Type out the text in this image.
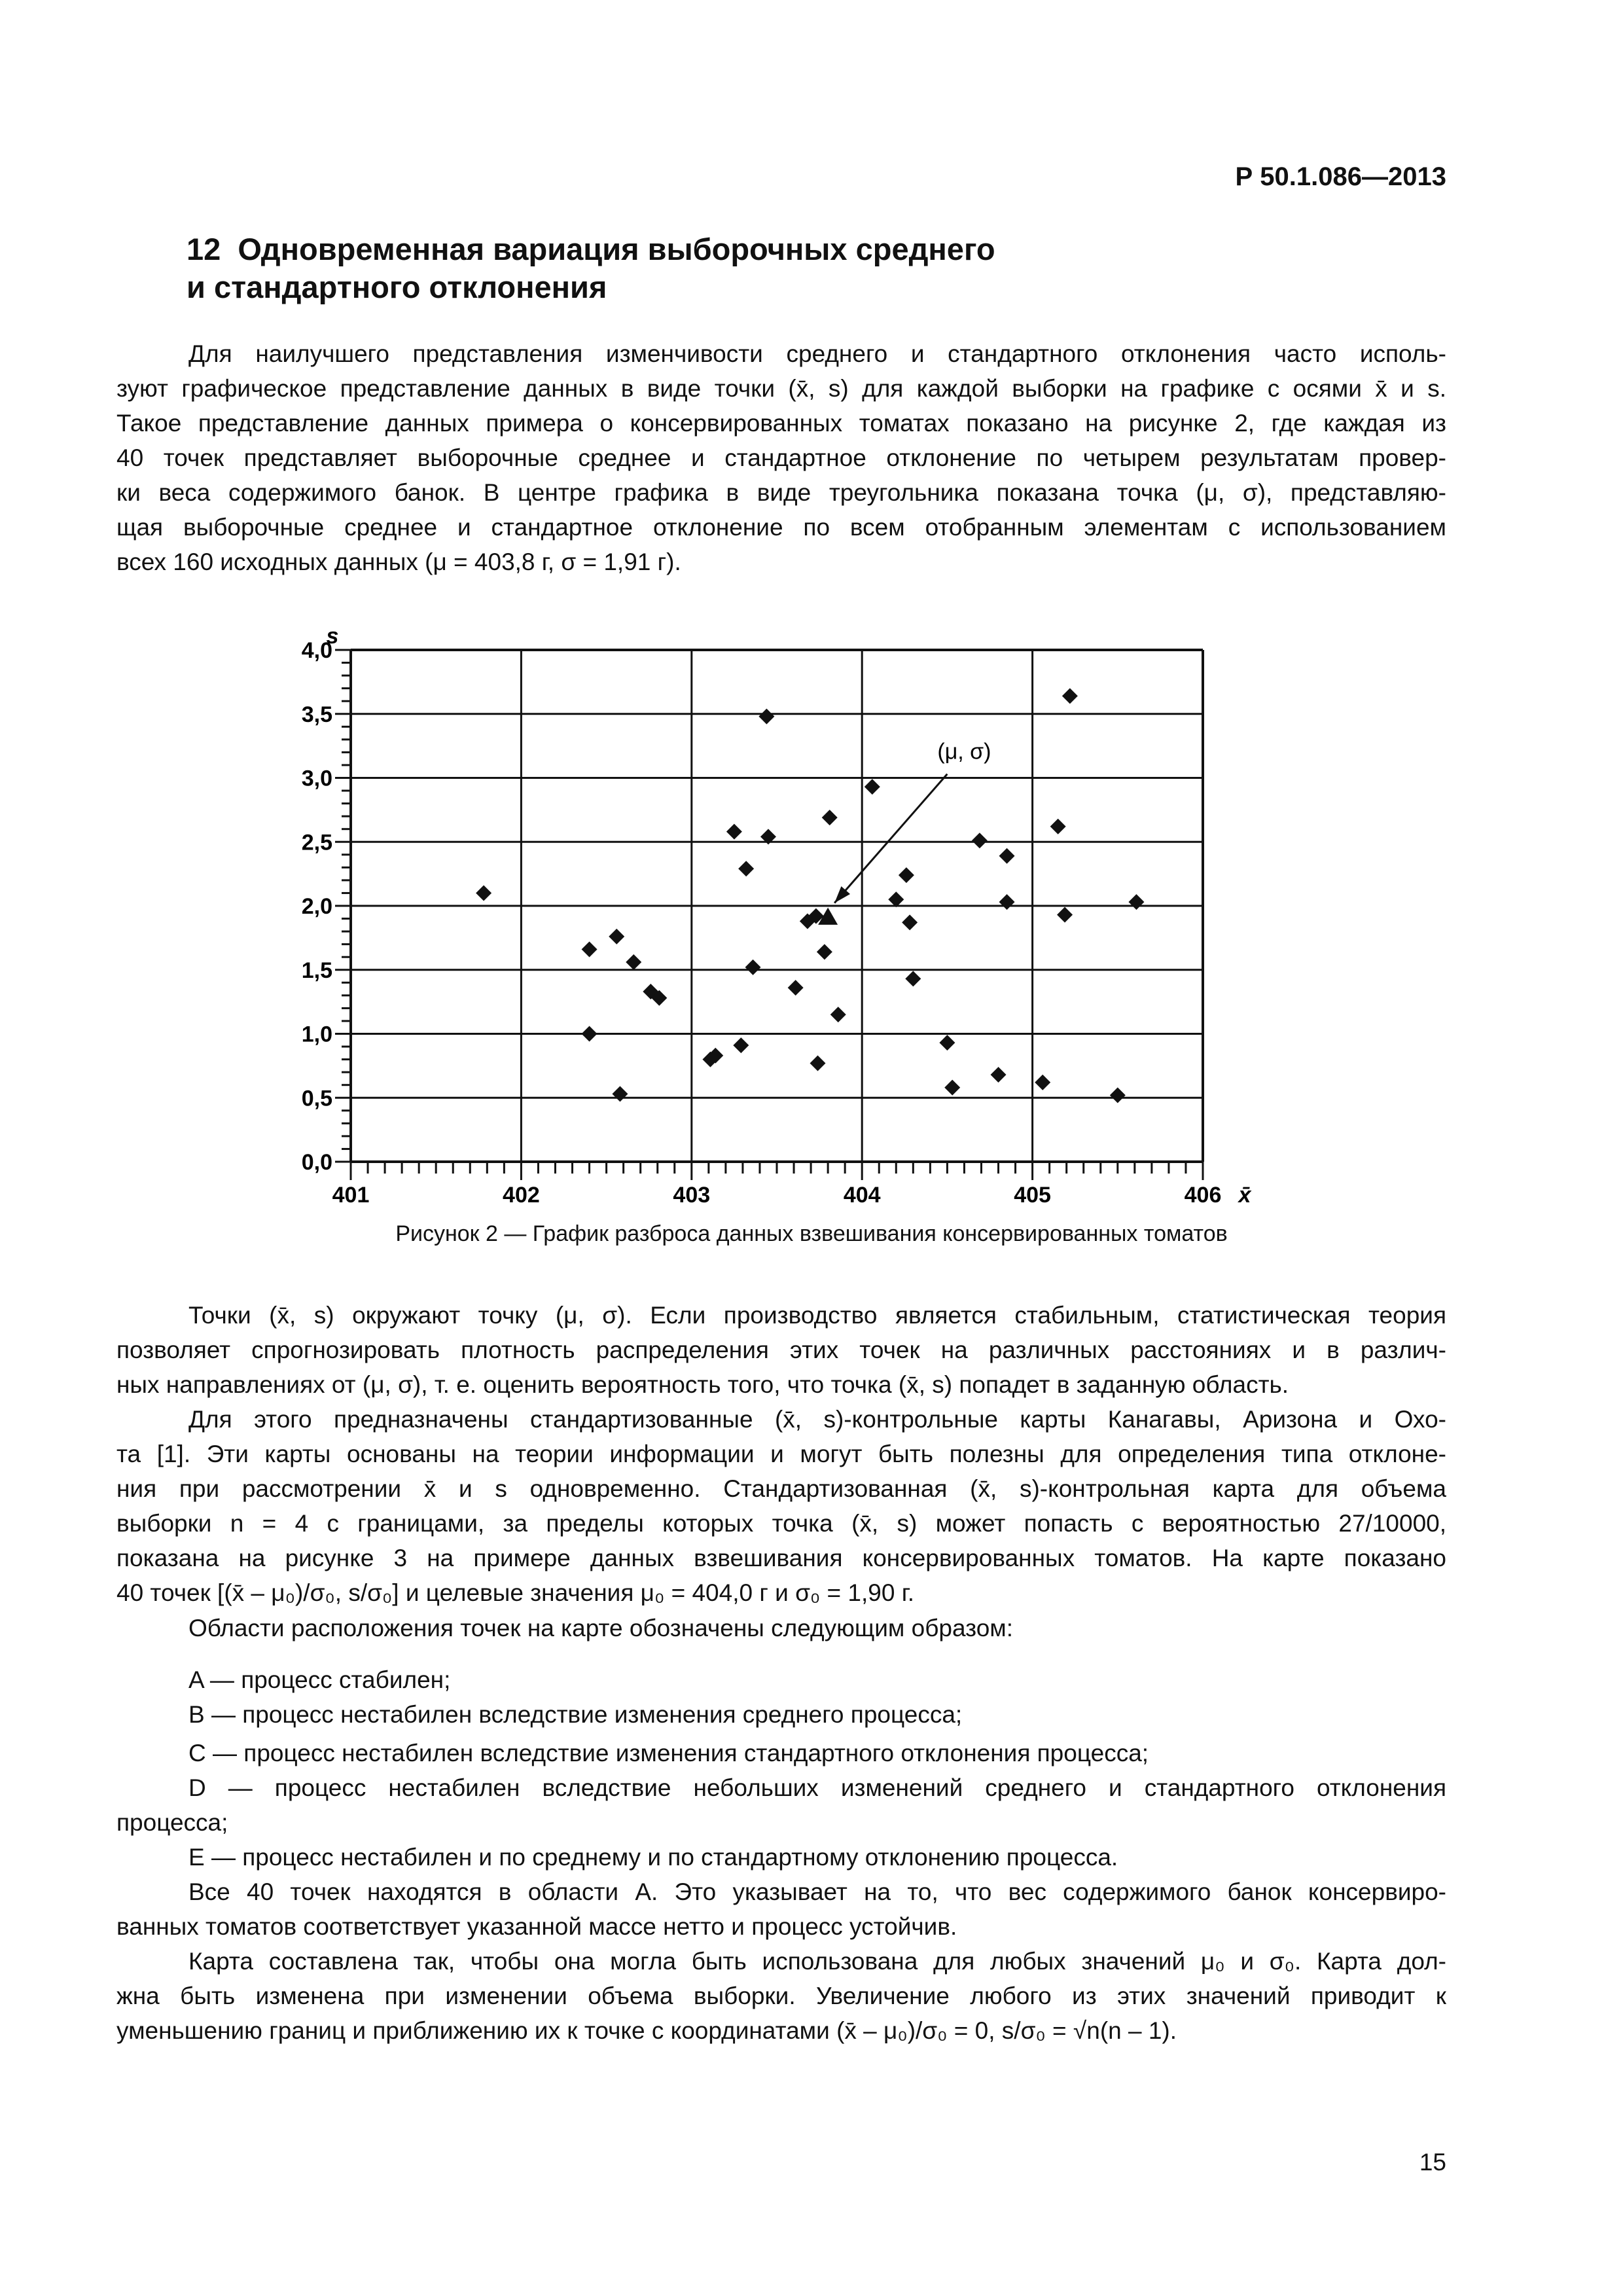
Р 50.1.086—2013
12  Одновременная вариация выборочных среднего
и стандартного отклонения
Для наилучшего представления изменчивости среднего и стандартного отклонения часто исполь-
зуют графическое представление данных в виде точки (x̄, s) для каждой выборки на графике с осями x̄ и s.
Такое представление данных примера о консервированных томатах показано на рисунке 2, где каждая из
40 точек представляет выборочные среднее и стандартное отклонение по четырем результатам провер-
ки веса содержимого банок. В центре графика в виде треугольника показана точка (μ, σ), представляю-
щая выборочные среднее и стандартное отклонение по всем отобранным элементам с использованием
всех 160 исходных данных (μ = 403,8 г, σ = 1,91 г).
0,0
0,5
1,0
1,5
2,0
2,5
3,0
3,5
4,0
401	402	403	404	405	406
s
x̄
(μ, σ)
Рисунок 2 — График разброса данных взвешивания консервированных томатов
Точки (x̄, s) окружают точку (μ, σ). Если производство является стабильным, статистическая теория
позволяет спрогнозировать плотность распределения этих точек на различных расстояниях и в различ-
ных направлениях от (μ, σ), т. е. оценить вероятность того, что точка (x̄, s) попадет в заданную область.
Для этого предназначены стандартизованные (x̄, s)-контрольные карты Канагавы, Аризона и Охо-
та [1]. Эти карты основаны на теории информации и могут быть полезны для определения типа отклоне-
ния при рассмотрении x̄ и s одновременно. Стандартизованная (x̄, s)-контрольная карта для объема
выборки n = 4 с границами, за пределы которых точка (x̄, s) может попасть с вероятностью 27/10000,
показана на рисунке 3 на примере данных взвешивания консервированных томатов. На карте показано
40 точек [(x̄ – μ₀)/σ₀, s/σ₀] и целевые значения μ₀ = 404,0 г и σ₀ = 1,90 г.
Области расположения точек на карте обозначены следующим образом:
A — процесс стабилен;
B — процесс нестабилен вследствие изменения среднего процесса;
C — процесс нестабилен вследствие изменения стандартного отклонения процесса;
D — процесс нестабилен вследствие небольших изменений среднего и стандартного отклонения
процесса;
E — процесс нестабилен и по среднему и по стандартному отклонению процесса.
Все 40 точек находятся в области A. Это указывает на то, что вес содержимого банок консервиро-
ванных томатов соответствует указанной массе нетто и процесс устойчив.
Карта составлена так, чтобы она могла быть использована для любых значений μ₀ и σ₀. Карта дол-
жна быть изменена при изменении объема выборки. Увеличение любого из этих значений приводит к
уменьшению границ и приближению их к точке с координатами (x̄ – μ₀)/σ₀ = 0, s/σ₀ = √n(n – 1).
15
